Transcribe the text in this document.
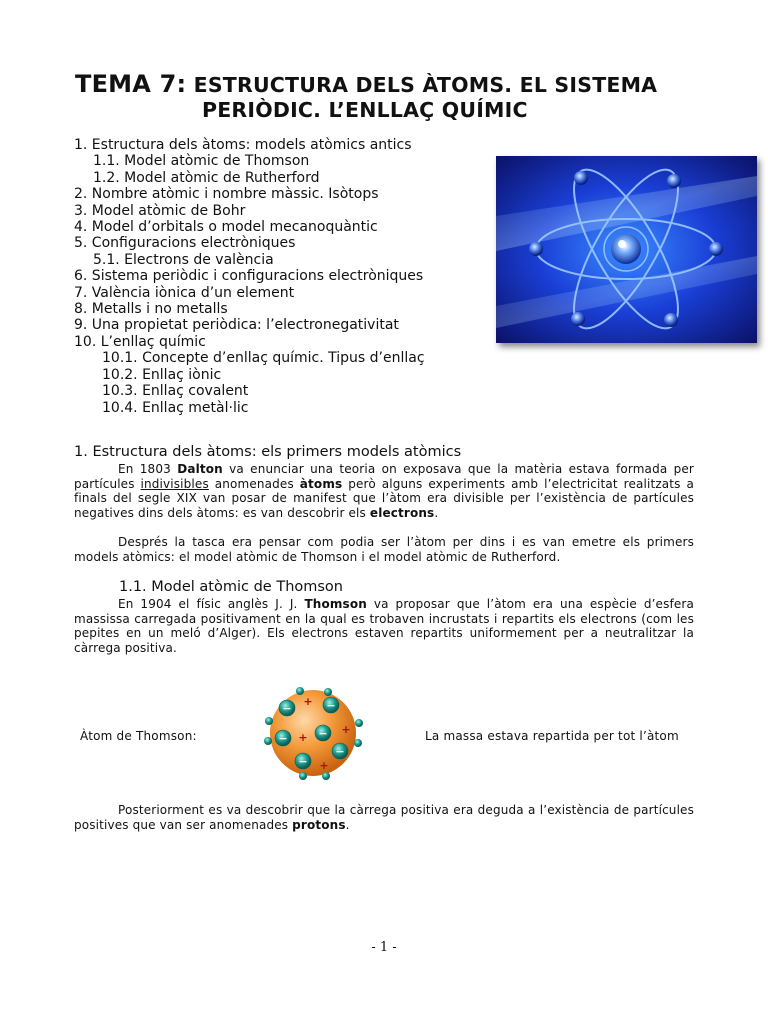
TEMA 7: ESTRUCTURA DELS ÀTOMS. EL SISTEMA
PERIÒDIC. L’ENLLAÇ QUÍMIC
1. Estructura dels àtoms: models atòmics antics
1.1. Model atòmic de Thomson
1.2. Model atòmic de Rutherford
2. Nombre atòmic i nombre màssic. Isòtops
3. Model atòmic de Bohr
4. Model d’orbitals o model mecanoquàntic
5. Configuracions electròniques
5.1. Electrons de valència
6. Sistema periòdic i configuracions electròniques
7. València iònica d’un element
8. Metalls i no metalls
9. Una propietat periòdica: l’electronegativitat
10. L’enllaç químic
10.1. Concepte d’enllaç químic. Tipus d’enllaç
10.2. Enllaç iònic
10.3. Enllaç covalent
10.4. Enllaç metàl·lic
1. Estructura dels àtoms: els primers models atòmics
En 1803 Dalton va enunciar una teoria on exposava que la matèria estava formada per partícules indivisibles anomenades àtoms però alguns experiments amb l’electricitat realitzats a finals del segle XIX van posar de manifest que l’àtom era divisible per l’existència de partícules negatives dins dels àtoms: es van descobrir els electrons.
Després la tasca era pensar com podia ser l’àtom per dins i es van emetre els primers models atòmics: el model atòmic de Thomson i el model atòmic de Rutherford.
1.1. Model atòmic de Thomson
En 1904 el físic anglès J. J. Thomson va proposar que l’àtom era una espècie d’esfera massissa carregada positivament en la qual es trobaven incrustats i repartits els electrons (com les pepites en un meló d’Alger). Els electrons estaven repartits uniformement per a neutralitzar la càrrega positiva.
Àtom de Thomson:
−	−
−	−
−
−
+
+
+
+
La massa estava repartida per tot l’àtom
Posteriorment es va descobrir que la càrrega positiva era deguda a l’existència de partícules positives que van ser anomenades protons.
- 1 -
